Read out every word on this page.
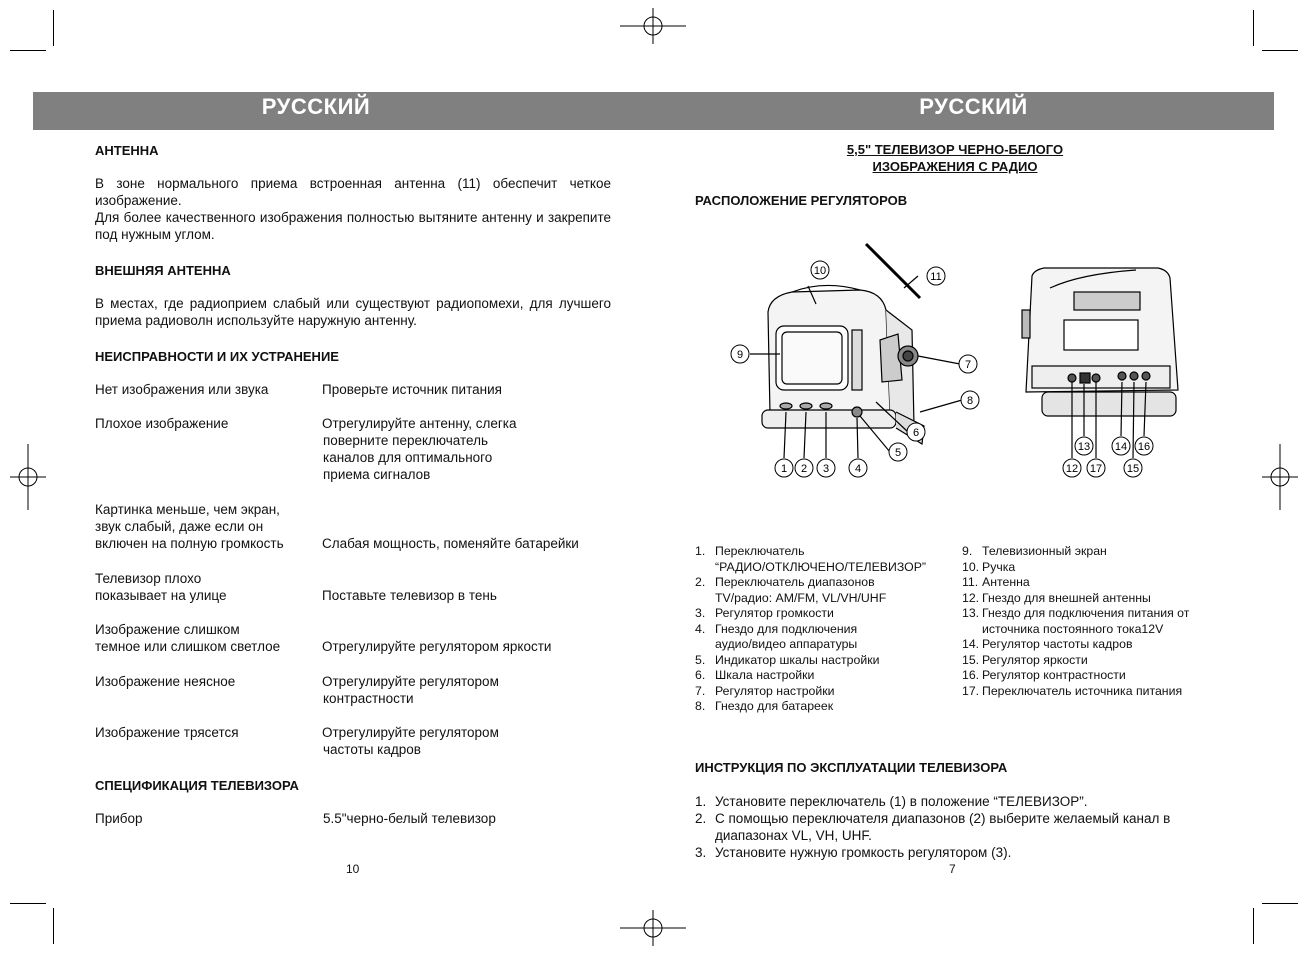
РУССКИЙ	РУССКИЙ
АНТЕННА
В зоне нормального приема встроенная антенна (11) обеспечит четкое изображение.
Для более качественного изображения полностью вытяните антенну и закрепите под нужным углом.
ВНЕШНЯЯ АНТЕННА
В местах, где радиоприем слабый или существуют радиопомехи, для лучшего приема радиоволн используйте наружную антенну.
НЕИСПРАВНОСТИ И ИХ УСТРАНЕНИЕ
Нет изображения или звука	Проверьте источник питания
Плохое изображение	Отрегулируйте антенну, слегка
поверните переключатель
каналов для оптимального
приема сигналов
Картинка меньше, чем экран,
звук слабый, даже если он
включен на полную громкость	Слабая мощность, поменяйте батарейки
Телевизор плохо
показывает на улице	Поставьте телевизор в тень
Изображение слишком
темное или слишком светлое	Отрегулируйте регулятором яркости
Изображение неясное	Отрегулируйте регулятором
контрастности
Изображение трясется	Отрегулируйте регулятором
частоты кадров
СПЕЦИФИКАЦИЯ ТЕЛЕВИЗОРА
Прибор	5.5"черно-белый телевизор
10
5,5" ТЕЛЕВИЗОР ЧЕРНО-БЕЛОГО
ИЗОБРАЖЕНИЯ С РАДИО
РАСПОЛОЖЕНИЕ РЕГУЛЯТОРОВ
1 2 3 4
5
6
7
8
9
10	11
12
13 14
15
16
17
1. Переключатель
“РАДИО/ОТКЛЮЧЕНО/ТЕЛЕВИЗОР”
2. Переключатель диапазонов
TV/радио: AM/FM, VL/VH/UHF
3. Регулятор громкости
4. Гнездо для подключения
аудио/видео аппаратуры
5. Индикатор шкалы настройки
6. Шкала настройки
7. Регулятор настройки
8. Гнездо для батареек
9. Телевизионный экран
10. Ручка
11. Антенна
12. Гнездо для внешней антенны
13. Гнездо для подключения питания от
источника постоянного тока12V
14. Регулятор частоты кадров
15. Регулятор яркости
16. Регулятор контрастности
17. Переключатель источника питания
ИНСТРУКЦИЯ ПО ЭКСПЛУАТАЦИИ ТЕЛЕВИЗОРА
1. Установите переключатель (1) в положение “ТЕЛЕВИЗОР”.
2. С помощью переключателя диапазонов (2) выберите желаемый канал в диапазонах VL, VH, UHF.
3. Установите нужную громкость регулятором (3).
7
